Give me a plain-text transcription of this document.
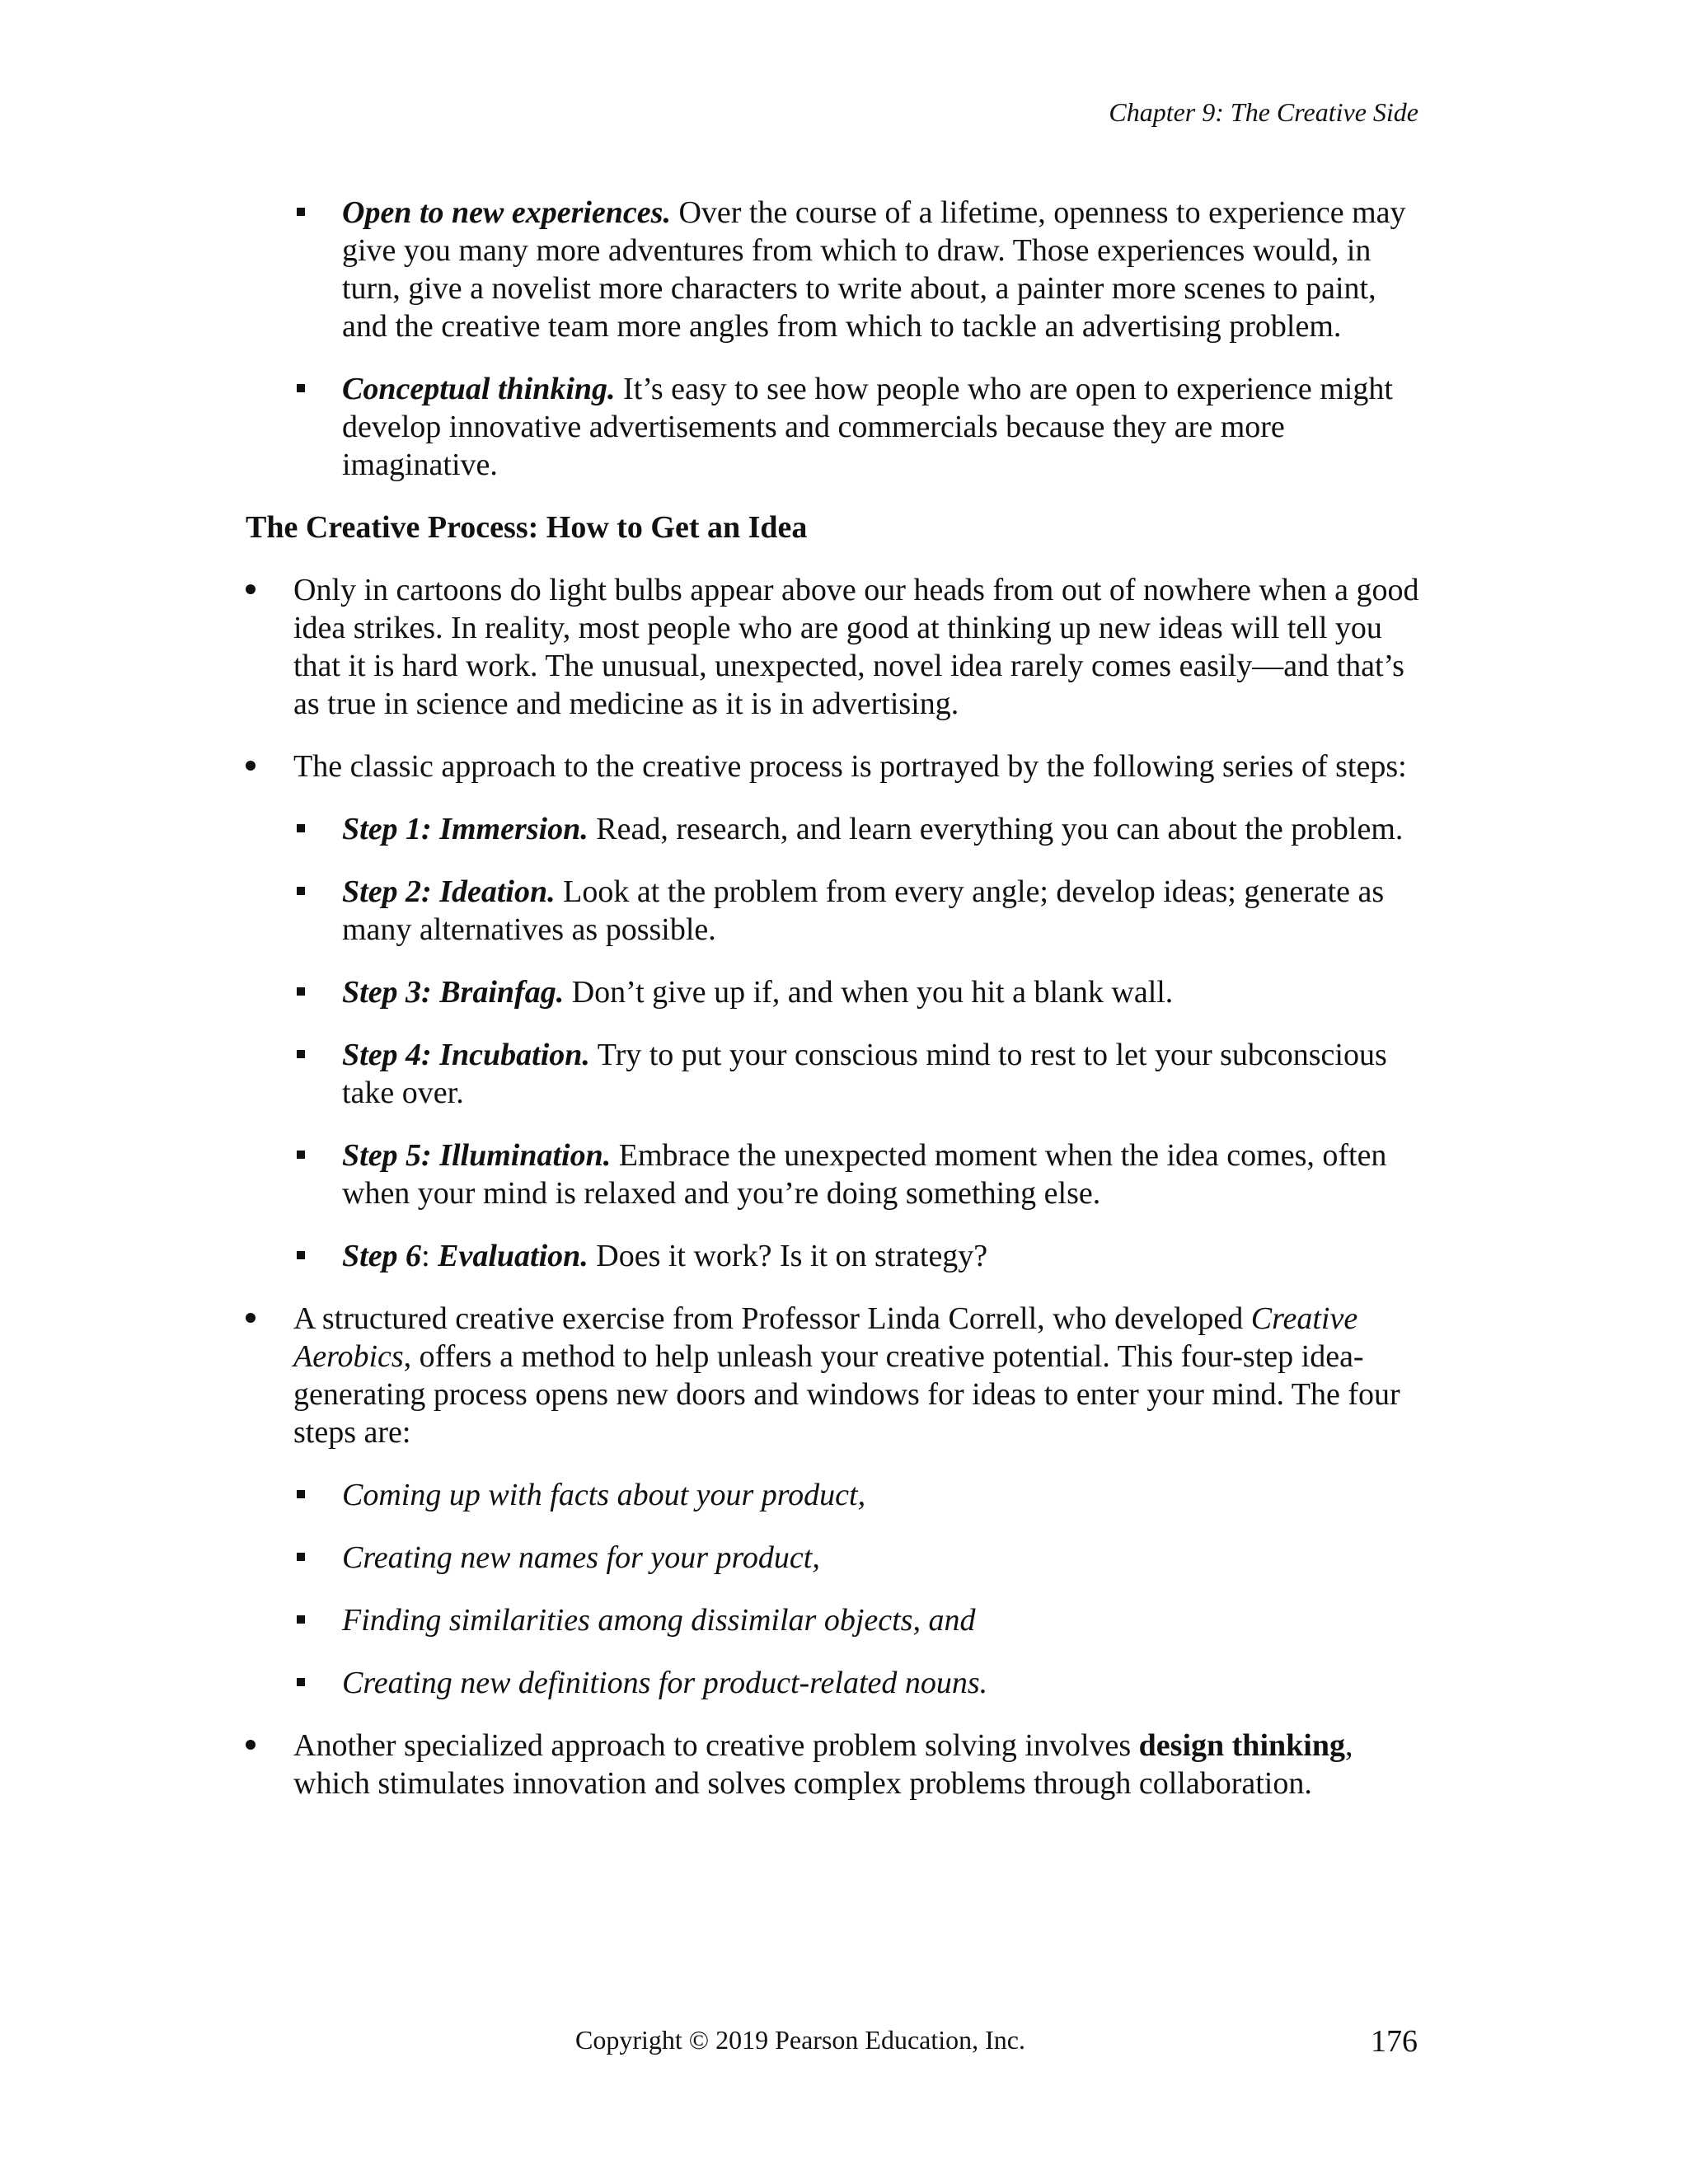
Chapter 9: The Creative Side
Open to new experiences. Over the course of a lifetime, openness to experience may give you many more adventures from which to draw. Those experiences would, in turn, give a novelist more characters to write about, a painter more scenes to paint, and the creative team more angles from which to tackle an advertising problem.
Conceptual thinking. It’s easy to see how people who are open to experience might develop innovative advertisements and commercials because they are more imaginative.
The Creative Process: How to Get an Idea
Only in cartoons do light bulbs appear above our heads from out of nowhere when a good idea strikes. In reality, most people who are good at thinking up new ideas will tell you that it is hard work. The unusual, unexpected, novel idea rarely comes easily—and that’s as true in science and medicine as it is in advertising.
The classic approach to the creative process is portrayed by the following series of steps:
Step 1: Immersion. Read, research, and learn everything you can about the problem.
Step 2: Ideation. Look at the problem from every angle; develop ideas; generate as many alternatives as possible.
Step 3: Brainfag. Don’t give up if, and when you hit a blank wall.
Step 4: Incubation. Try to put your conscious mind to rest to let your subconscious take over.
Step 5: Illumination. Embrace the unexpected moment when the idea comes, often when your mind is relaxed and you’re doing something else.
Step 6: Evaluation. Does it work? Is it on strategy?
A structured creative exercise from Professor Linda Correll, who developed Creative Aerobics, offers a method to help unleash your creative potential. This four-step idea-generating process opens new doors and windows for ideas to enter your mind. The four steps are:
Coming up with facts about your product,
Creating new names for your product,
Finding similarities among dissimilar objects, and
Creating new definitions for product-related nouns.
Another specialized approach to creative problem solving involves design thinking, which stimulates innovation and solves complex problems through collaboration.
Copyright © 2019 Pearson Education, Inc.	176
